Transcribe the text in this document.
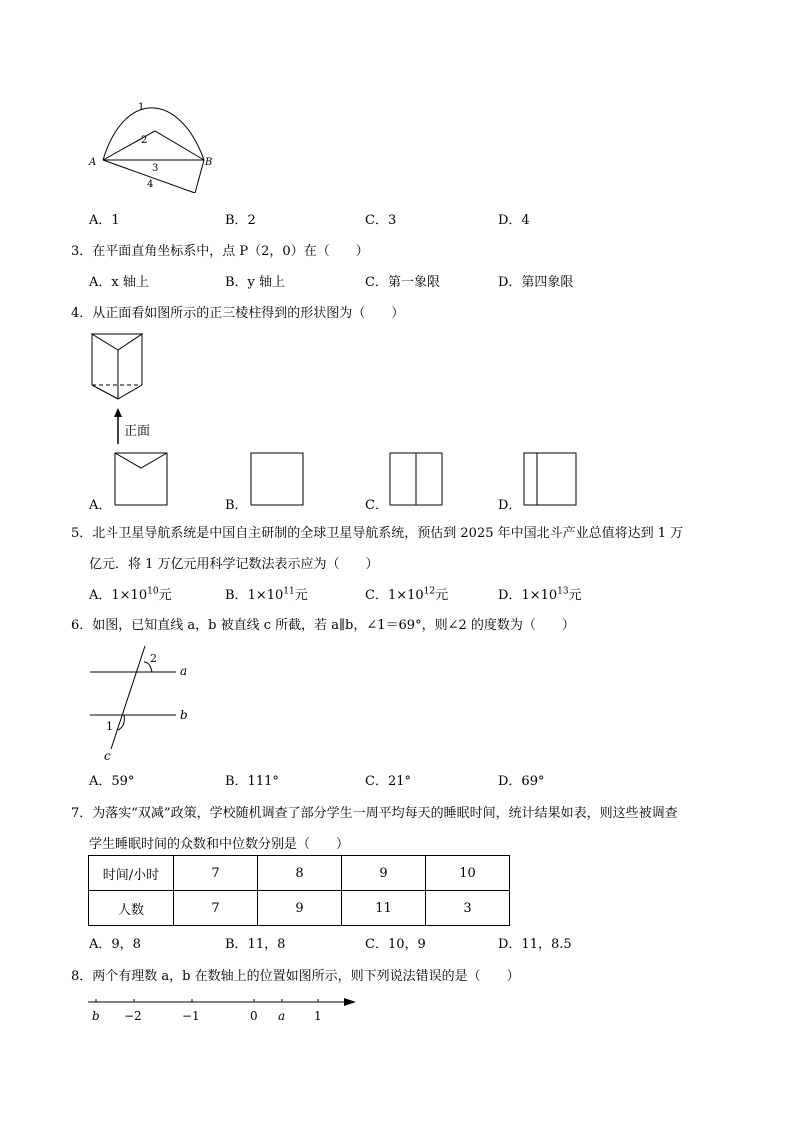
1
2
3
4
A	B
A．1	B．2	C．3	D．4
3．在平面直角坐标系中，点 P（2，0）在（　　）
A．x 轴上	B．y 轴上	C．第一象限	D．第四象限
4．从正面看如图所示的正三棱柱得到的形状图为（　　）
正面
A．	B．	C．	D．
5．北斗卫星导航系统是中国自主研制的全球卫星导航系统，预估到 2025 年中国北斗产业总值将达到 1 万
亿元．将 1 万亿元用科学记数法表示应为（　　）
A．$1\times 10^{10}$元	B．$1\times 10^{11}$元	C．$1\times 10^{12}$元	D．$1\times 10^{13}$元
6．如图，已知直线 a，b 被直线 c 所截，若 a∥b，∠1＝69°，则∠2 的度数为（　　）
2
1
a
b
c
A．59°	B．111°	C．21°	D．69°
7．为落实“双减”政策，学校随机调查了部分学生一周平均每天的睡眠时间，统计结果如表，则这些被调查
学生睡眠时间的众数和中位数分别是（　　）
时间/小时	7	8	9	10
人数	7	9	11	3
A．9，8	B．11，8	C．10，9	D．11，8.5
8．两个有理数 a，b 在数轴上的位置如图所示，则下列说法错误的是（　　）
b −2	−1	0 a 1
